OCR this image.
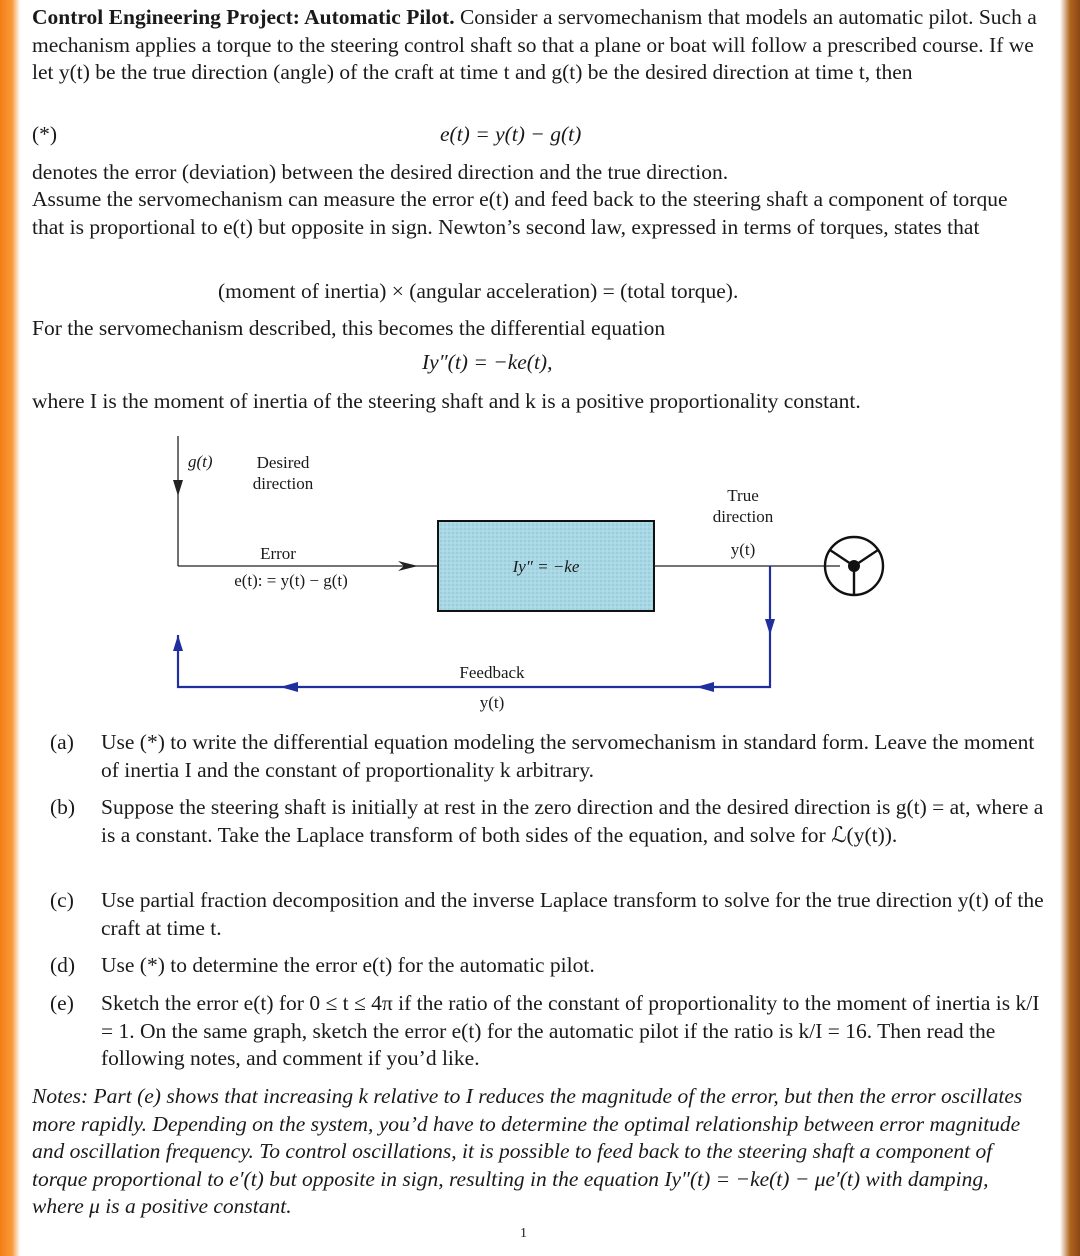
Control Engineering Project: Automatic Pilot. Consider a servomechanism that models an automatic pilot. Such a mechanism applies a torque to the steering control shaft so that a plane or boat will follow a prescribed course. If we let y(t) be the true direction (angle) of the craft at time t and g(t) be the desired direction at time t, then
(*)	e(t) = y(t) − g(t)
denotes the error (deviation) between the desired direction and the true direction.
Assume the servomechanism can measure the error e(t) and feed back to the steering shaft a component of torque that is proportional to e(t) but opposite in sign. Newton’s second law, expressed in terms of torques, states that
(moment of inertia) × (angular acceleration) = (total torque).
For the servomechanism described, this becomes the differential equation
Iy″(t) = −ke(t),
where I is the moment of inertia of the steering shaft and k is a positive proportionality constant.
g(t)	Desired
direction
Error
e(t): = y(t) − g(t)
Iy″ = −ke
True
direction
y(t)
Feedback
y(t)
(a) Use (*) to write the differential equation modeling the servomechanism in standard form. Leave the moment of inertia I and the constant of proportionality k arbitrary.
(b) Suppose the steering shaft is initially at rest in the zero direction and the desired direction is g(t) = at, where a is a constant. Take the Laplace transform of both sides of the equation, and solve for ℒ(y(t)).
(c) Use partial fraction decomposition and the inverse Laplace transform to solve for the true direction y(t) of the craft at time t.
(d) Use (*) to determine the error e(t) for the automatic pilot.
(e) Sketch the error e(t) for 0 ≤ t ≤ 4π if the ratio of the constant of proportionality to the moment of inertia is k/I = 1. On the same graph, sketch the error e(t) for the automatic pilot if the ratio is k/I = 16. Then read the following notes, and comment if you’d like.
Notes: Part (e) shows that increasing k relative to I reduces the magnitude of the error, but then the error oscillates more rapidly. Depending on the system, you’d have to determine the optimal relationship between error magnitude and oscillation frequency. To control oscillations, it is possible to feed back to the steering shaft a component of torque proportional to e′(t) but opposite in sign, resulting in the equation Iy″(t) = −ke(t) − μe′(t) with damping, where μ is a positive constant.
1
